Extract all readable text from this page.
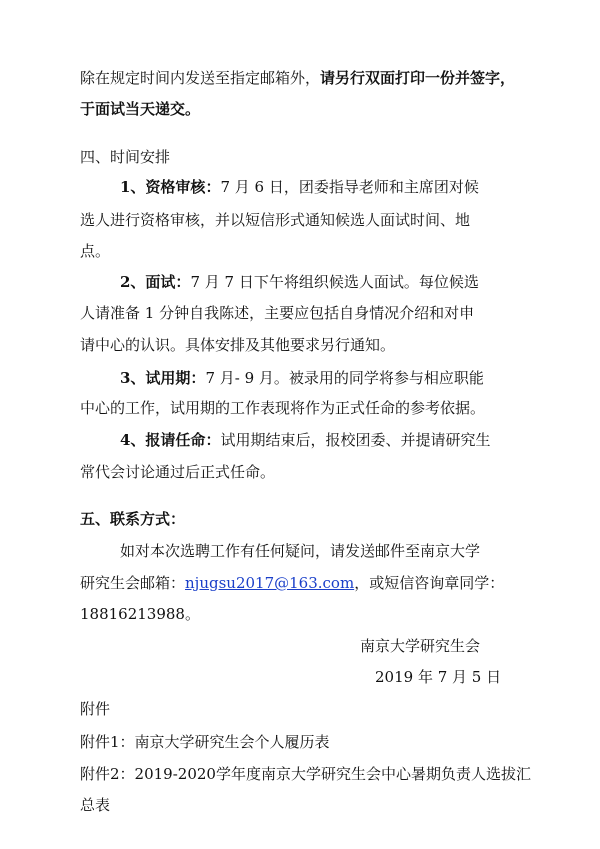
除在规定时间内发送至指定邮箱外，请另行双面打印一份并签字，
于面试当天递交。
四、时间安排
1、资格审核：7 月 6 日，团委指导老师和主席团对候
选人进行资格审核，并以短信形式通知候选人面试时间、地
点。
2、面试：7 月 7 日下午将组织候选人面试。每位候选
人请准备 1 分钟自我陈述，主要应包括自身情况介绍和对申
请中心的认识。具体安排及其他要求另行通知。
3、试用期：7 月- 9 月。被录用的同学将参与相应职能
中心的工作，试用期的工作表现将作为正式任命的参考依据。
4、报请任命：试用期结束后，报校团委、并提请研究生
常代会讨论通过后正式任命。
五、联系方式：
如对本次选聘工作有任何疑问，请发送邮件至南京大学
研究生会邮箱：njugsu2017@163.com，或短信咨询章同学：
18816213988。
南京大学研究生会
2019 年 7 月 5 日
附件
附件1：南京大学研究生会个人履历表
附件2：2019-2020学年度南京大学研究生会中心暑期负责人选拔汇
总表
